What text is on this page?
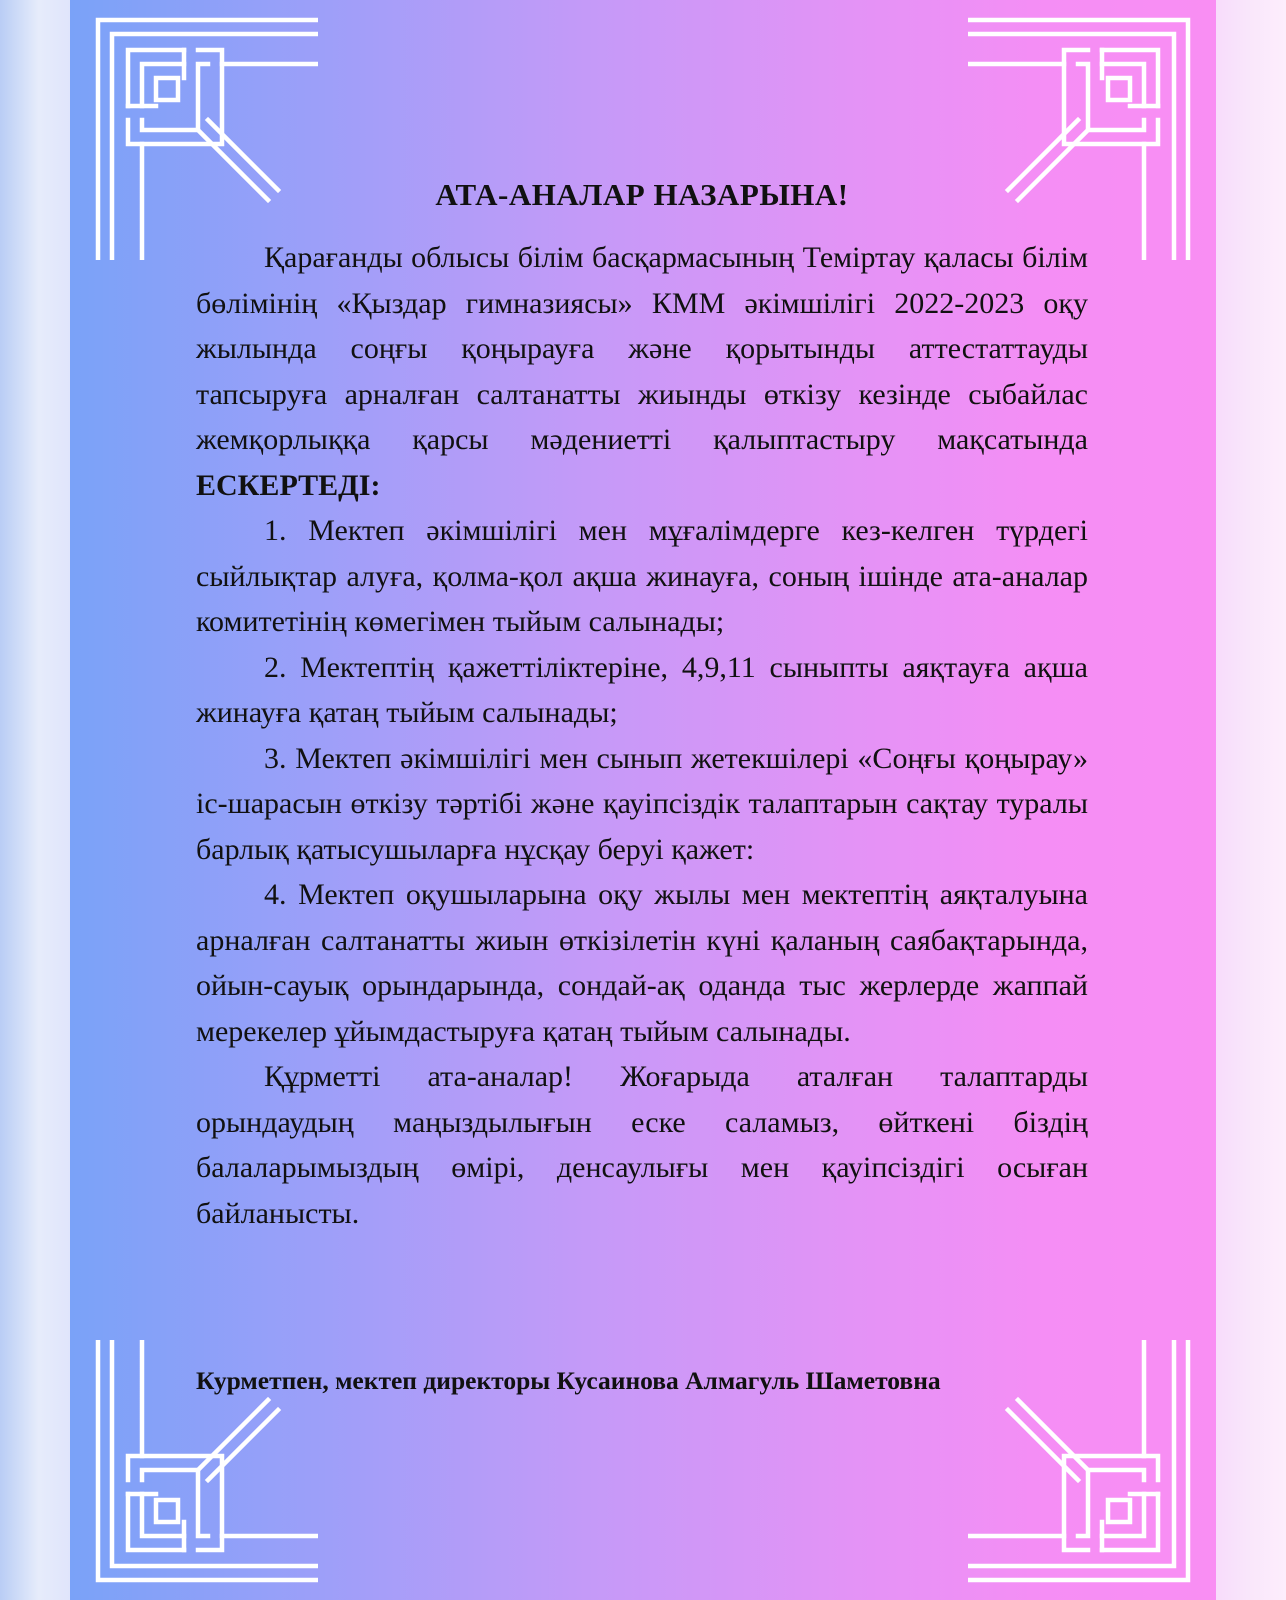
АТА-АНАЛАР НАЗАРЫНА!

Қарағанды облысы білім басқармасының Теміртау қаласы білім бөлімінің «Қыздар гимназиясы» КММ әкімшілігі 2022-2023 оқу жылында соңғы қоңырауға және қорытынды аттестаттауды тапсыруға арналған салтанатты жиынды өткізу кезінде сыбайлас жемқорлыққа қарсы мәдениетті қалыптастыру мақсатында ЕСКЕРТЕДІ:

1. Мектеп әкімшілігі мен мұғалімдерге кез-келген түрдегі сыйлықтар алуға, қолма-қол ақша жинауға, соның ішінде ата-аналар комитетінің көмегімен тыйым салынады;

2. Мектептің қажеттіліктеріне, 4,9,11 сыныпты аяқтауға ақша жинауға қатаң тыйым салынады;

3. Мектеп әкімшілігі мен сынып жетекшілері «Соңғы қоңырау» іс-шарасын өткізу тәртібі және қауіпсіздік талаптарын сақтау туралы барлық қатысушыларға нұсқау беруі қажет:

4. Мектеп оқушыларына оқу жылы мен мектептің аяқталуына арналған салтанатты жиын өткізілетін күні қаланың саябақтарында, ойын-сауық орындарында, сондай-ақ оданда тыс жерлерде жаппай мерекелер ұйымдастыруға қатаң тыйым салынады.

Құрметті ата-аналар! Жоғарыда аталған талаптарды орындаудың маңыздылығын еске саламыз, өйткені біздің балаларымыздың өмірі, денсаулығы мен қауіпсіздігі осыған байланысты.

Курметпен, мектеп директоры Кусаинова Алмагуль Шаметовна
